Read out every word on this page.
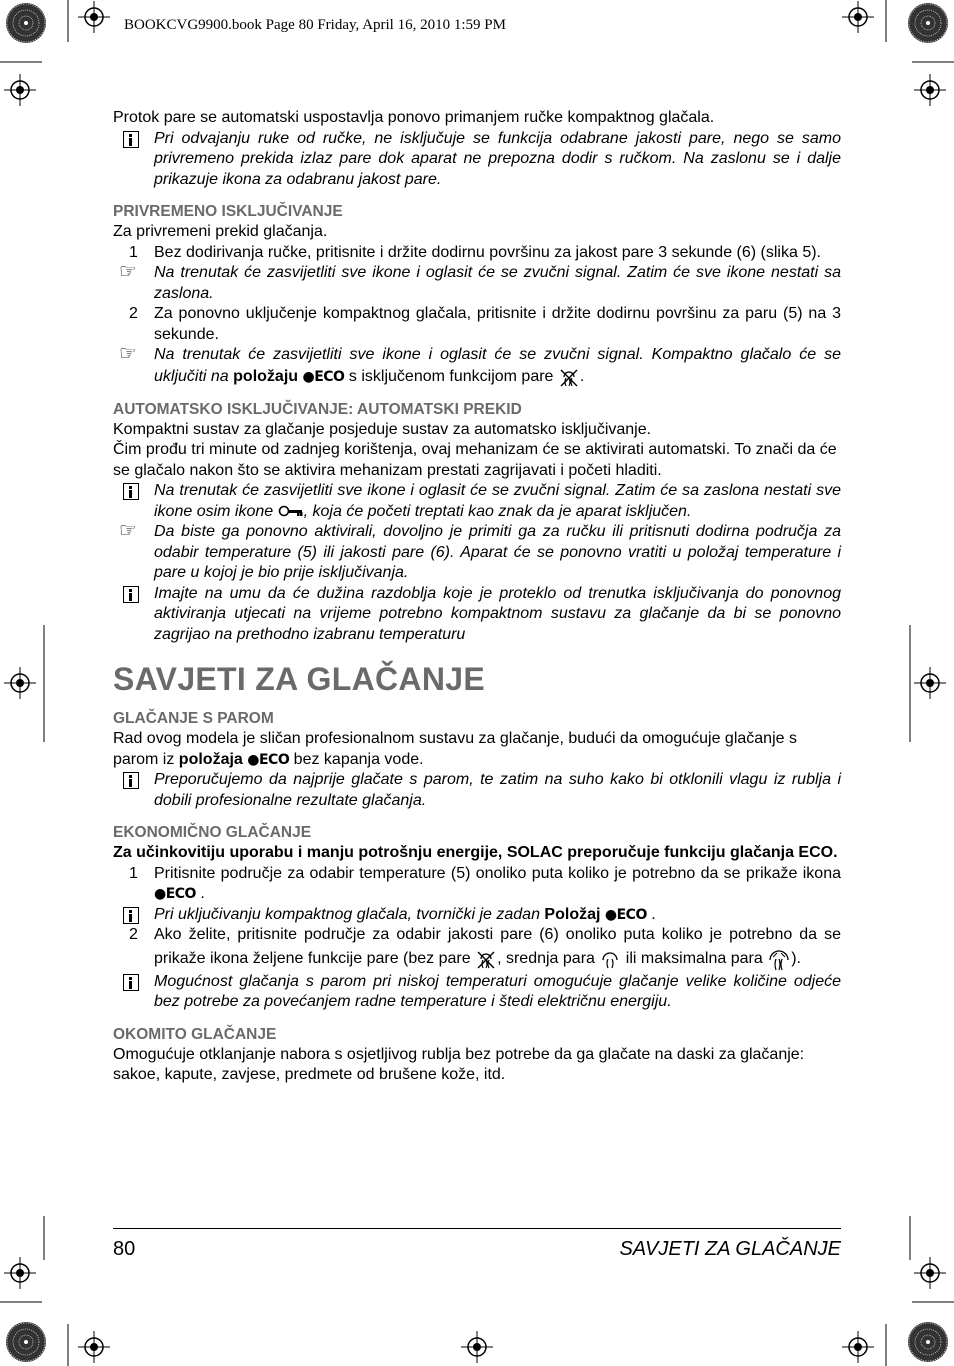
BOOKCVG9900.book Page 80 Friday, April 16, 2010 1:59 PM

Protok pare se automatski uspostavlja ponovo primanjem ručke kompaktnog glačala.

Pri odvajanju ruke od ručke, ne isključuje se funkcija odabrane jakosti pare, nego se samo privremeno prekida izlaz pare dok aparat ne prepozna dodir s ručkom. Na zaslonu se i dalje prikazuje ikona za odabranu jakost pare.

PRIVREMENO ISKLJUČIVANJE

Za privremeni prekid glačanja.

1	Bez dodirivanja ručke, pritisnite i držite dodirnu površinu za jakost pare 3 sekunde (6) (slika 5).
☞ Na trenutak će zasvijetliti sve ikone i oglasit će se zvučni signal. Zatim će sve ikone nestati sa zaslona.
2	Za ponovno uključenje kompaktnog glačala, pritisnite i držite dodirnu površinu za paru (5) na 3 sekunde.
☞ Na trenutak će zasvijetliti sve ikone i oglasit će se zvučni signal. Kompaktno glačalo će se uključiti na položaju ●ECO s isključenom funkcijom pare .

AUTOMATSKO ISKLJUČIVANJE: AUTOMATSKI PREKID

Kompaktni sustav za glačanje posjeduje sustav za automatsko isključivanje.

Čim prođu tri minute od zadnjeg korištenja, ovaj mehanizam će se aktivirati automatski. To znači da će se glačalo nakon što se aktivira mehanizam prestati zagrijavati i početi hladiti.

Na trenutak će zasvijetliti sve ikone i oglasit će se zvučni signal. Zatim će sa zaslona nestati sve ikone osim ikone , koja će početi treptati kao znak da je aparat isključen.
☞ Da biste ga ponovno aktivirali, dovoljno je primiti ga za ručku ili pritisnuti dodirna područja za odabir temperature (5) ili jakosti pare (6). Aparat će se ponovno vratiti u položaj temperature i pare u kojoj je bio prije isključivanja.
Imajte na umu da će dužina razdoblja koje je proteklo od trenutka isključivanja do ponovnog aktiviranja utjecati na vrijeme potrebno kompaktnom sustavu za glačanje da bi se ponovno zagrijao na prethodno izabranu temperaturu

SAVJETI ZA GLAČANJE

GLAČANJE S PAROM

Rad ovog modela je sličan profesionalnom sustavu za glačanje, budući da omogućuje glačanje s parom iz položaja ●ECO bez kapanja vode.

Preporučujemo da najprije glačate s parom, te zatim na suho kako bi otklonili vlagu iz rublja i dobili profesionalne rezultate glačanja.

EKONOMIČNO GLAČANJE

Za učinkovitiju uporabu i manju potrošnju energije, SOLAC preporučuje funkciju glačanja ECO.

1	Pritisnite područje za odabir temperature (5) onoliko puta koliko je potrebno da se prikaže ikona ●ECO .
Pri uključivanju kompaktnog glačala, tvornički je zadan Položaj ●ECO .
2	Ako želite, pritisnite područje za odabir jakosti pare (6) onoliko puta koliko je potrebno da se prikaže ikona željene funkcije pare (bez pare , srednja para  ili maksimalna para ).
Mogućnost glačanja s parom pri niskoj temperaturi omogućuje glačanje velike količine odjeće bez potrebe za povećanjem radne temperature i štedi električnu energiju.

OKOMITO GLAČANJE

Omogućuje otklanjanje nabora s osjetljivog rublja bez potrebe da ga glačate na daski za glačanje: sakoe, kapute, zavjese, predmete od brušene kože, itd.

80	SAVJETI ZA GLAČANJE
